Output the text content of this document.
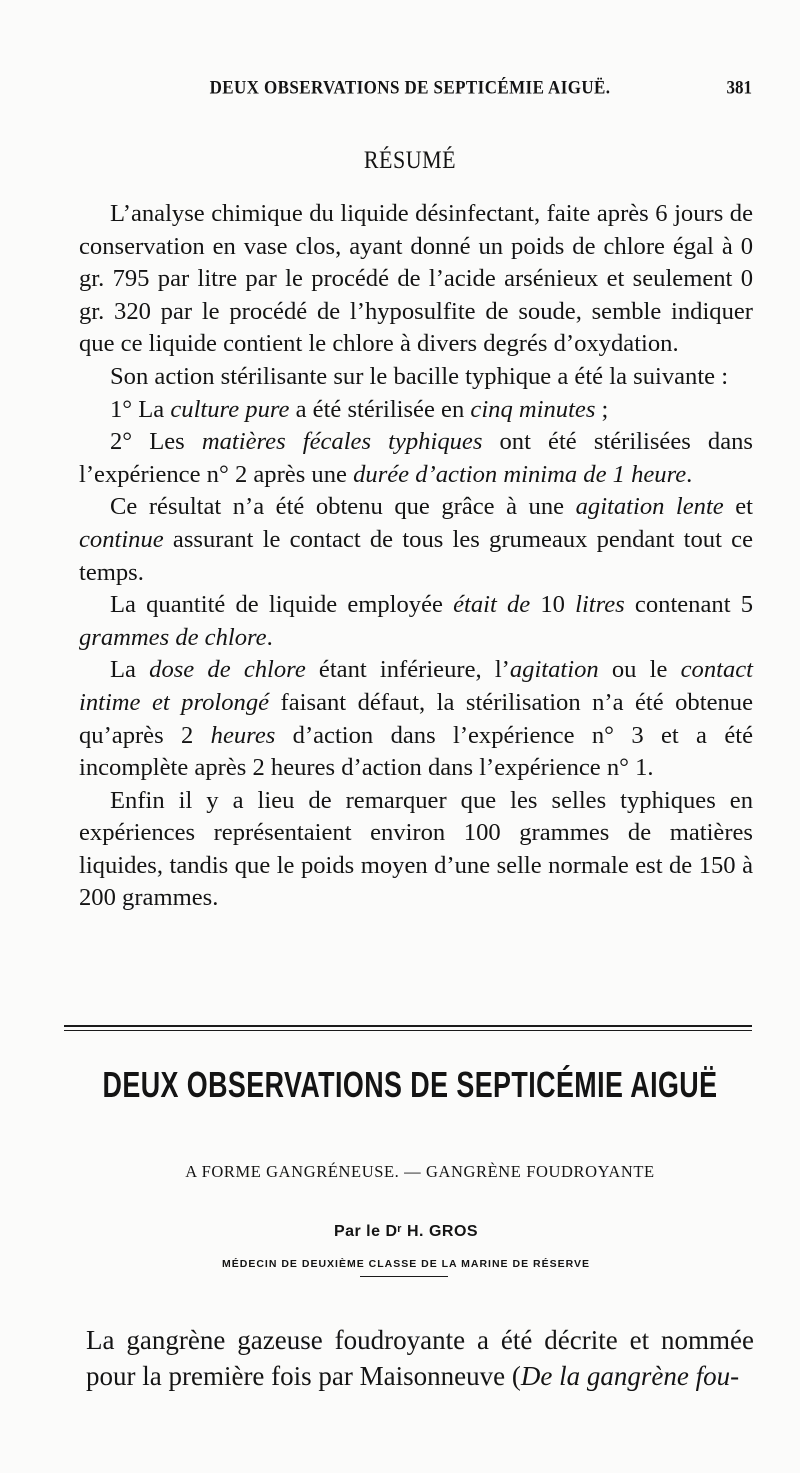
DEUX OBSERVATIONS DE SEPTICÉMIE AIGUË.	381
RÉSUMÉ

L’analyse chimique du liquide désinfectant, faite après 6 jours de conservation en vase clos, ayant donné un poids de chlore égal à 0 gr. 795 par litre par le procédé de l’acide arsénieux et seulement 0 gr. 320 par le procédé de l’hyposulfite de soude, semble indiquer que ce liquide contient le chlore à divers degrés d’oxydation.

Son action stérilisante sur le bacille typhique a été la suivante :

1° La culture pure a été stérilisée en cinq minutes ;

2° Les matières fécales typhiques ont été stérilisées dans l’expérience n° 2 après une durée d’action minima de 1 heure.

Ce résultat n’a été obtenu que grâce à une agitation lente et continue assurant le contact de tous les grumeaux pendant tout ce temps.

La quantité de liquide employée était de 10 litres contenant 5 grammes de chlore.

La dose de chlore étant inférieure, l’agitation ou le contact intime et prolongé faisant défaut, la stérilisation n’a été obtenue qu’après 2 heures d’action dans l’expérience n° 3 et a été incomplète après 2 heures d’action dans l’expérience n° 1.

Enfin il y a lieu de remarquer que les selles typhiques en expériences représentaient environ 100 grammes de matières liquides, tandis que le poids moyen d’une selle normale est de 150 à 200 grammes.

DEUX OBSERVATIONS DE SEPTICÉMIE AIGUË
A FORME GANGRÉNEUSE. — GANGRÈNE FOUDROYANTE
Par le Dʳ H. GROS
MÉDECIN DE DEUXIÈME CLASSE DE LA MARINE DE RÉSERVE

La gangrène gazeuse foudroyante a été décrite et nommée pour la première fois par Maisonneuve (De la gangrène fou-
